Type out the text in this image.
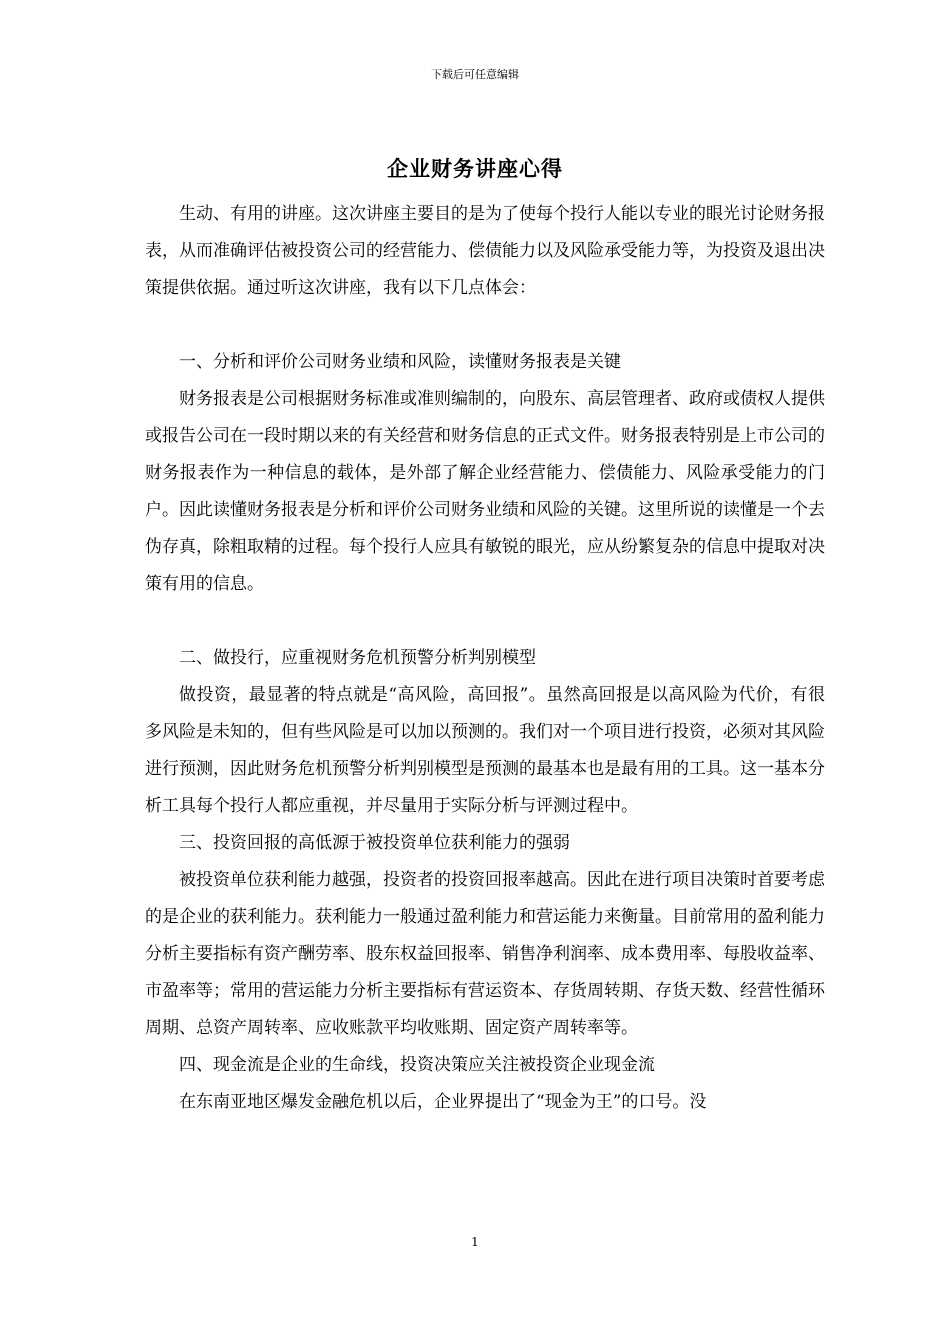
下载后可任意编辑
企业财务讲座心得

生动、有用的讲座。这次讲座主要目的是为了使每个投行人能以专业的眼光讨论财务报表，从而准确评估被投资公司的经营能力、偿债能力以及风险承受能力等，为投资及退出决策提供依据。通过听这次讲座，我有以下几点体会：

一、分析和评价公司财务业绩和风险，读懂财务报表是关键

财务报表是公司根据财务标准或准则编制的，向股东、高层管理者、政府或债权人提供或报告公司在一段时期以来的有关经营和财务信息的正式文件。财务报表特别是上市公司的财务报表作为一种信息的载体，是外部了解企业经营能力、偿债能力、风险承受能力的门户。因此读懂财务报表是分析和评价公司财务业绩和风险的关键。这里所说的读懂是一个去伪存真，除粗取精的过程。每个投行人应具有敏锐的眼光，应从纷繁复杂的信息中提取对决策有用的信息。

二、做投行，应重视财务危机预警分析判别模型

做投资，最显著的特点就是“高风险，高回报”。虽然高回报是以高风险为代价，有很多风险是未知的，但有些风险是可以加以预测的。我们对一个项目进行投资，必须对其风险进行预测，因此财务危机预警分析判别模型是预测的最基本也是最有用的工具。这一基本分析工具每个投行人都应重视，并尽量用于实际分析与评测过程中。

三、投资回报的高低源于被投资单位获利能力的强弱

被投资单位获利能力越强，投资者的投资回报率越高。因此在进行项目决策时首要考虑的是企业的获利能力。获利能力一般通过盈利能力和营运能力来衡量。目前常用的盈利能力分析主要指标有资产酬劳率、股东权益回报率、销售净利润率、成本费用率、每股收益率、市盈率等；常用的营运能力分析主要指标有营运资本、存货周转期、存货天数、经营性循环周期、总资产周转率、应收账款平均收账期、固定资产周转率等。

四、现金流是企业的生命线，投资决策应关注被投资企业现金流

在东南亚地区爆发金融危机以后，企业界提出了“现金为王”的口号。没

1
